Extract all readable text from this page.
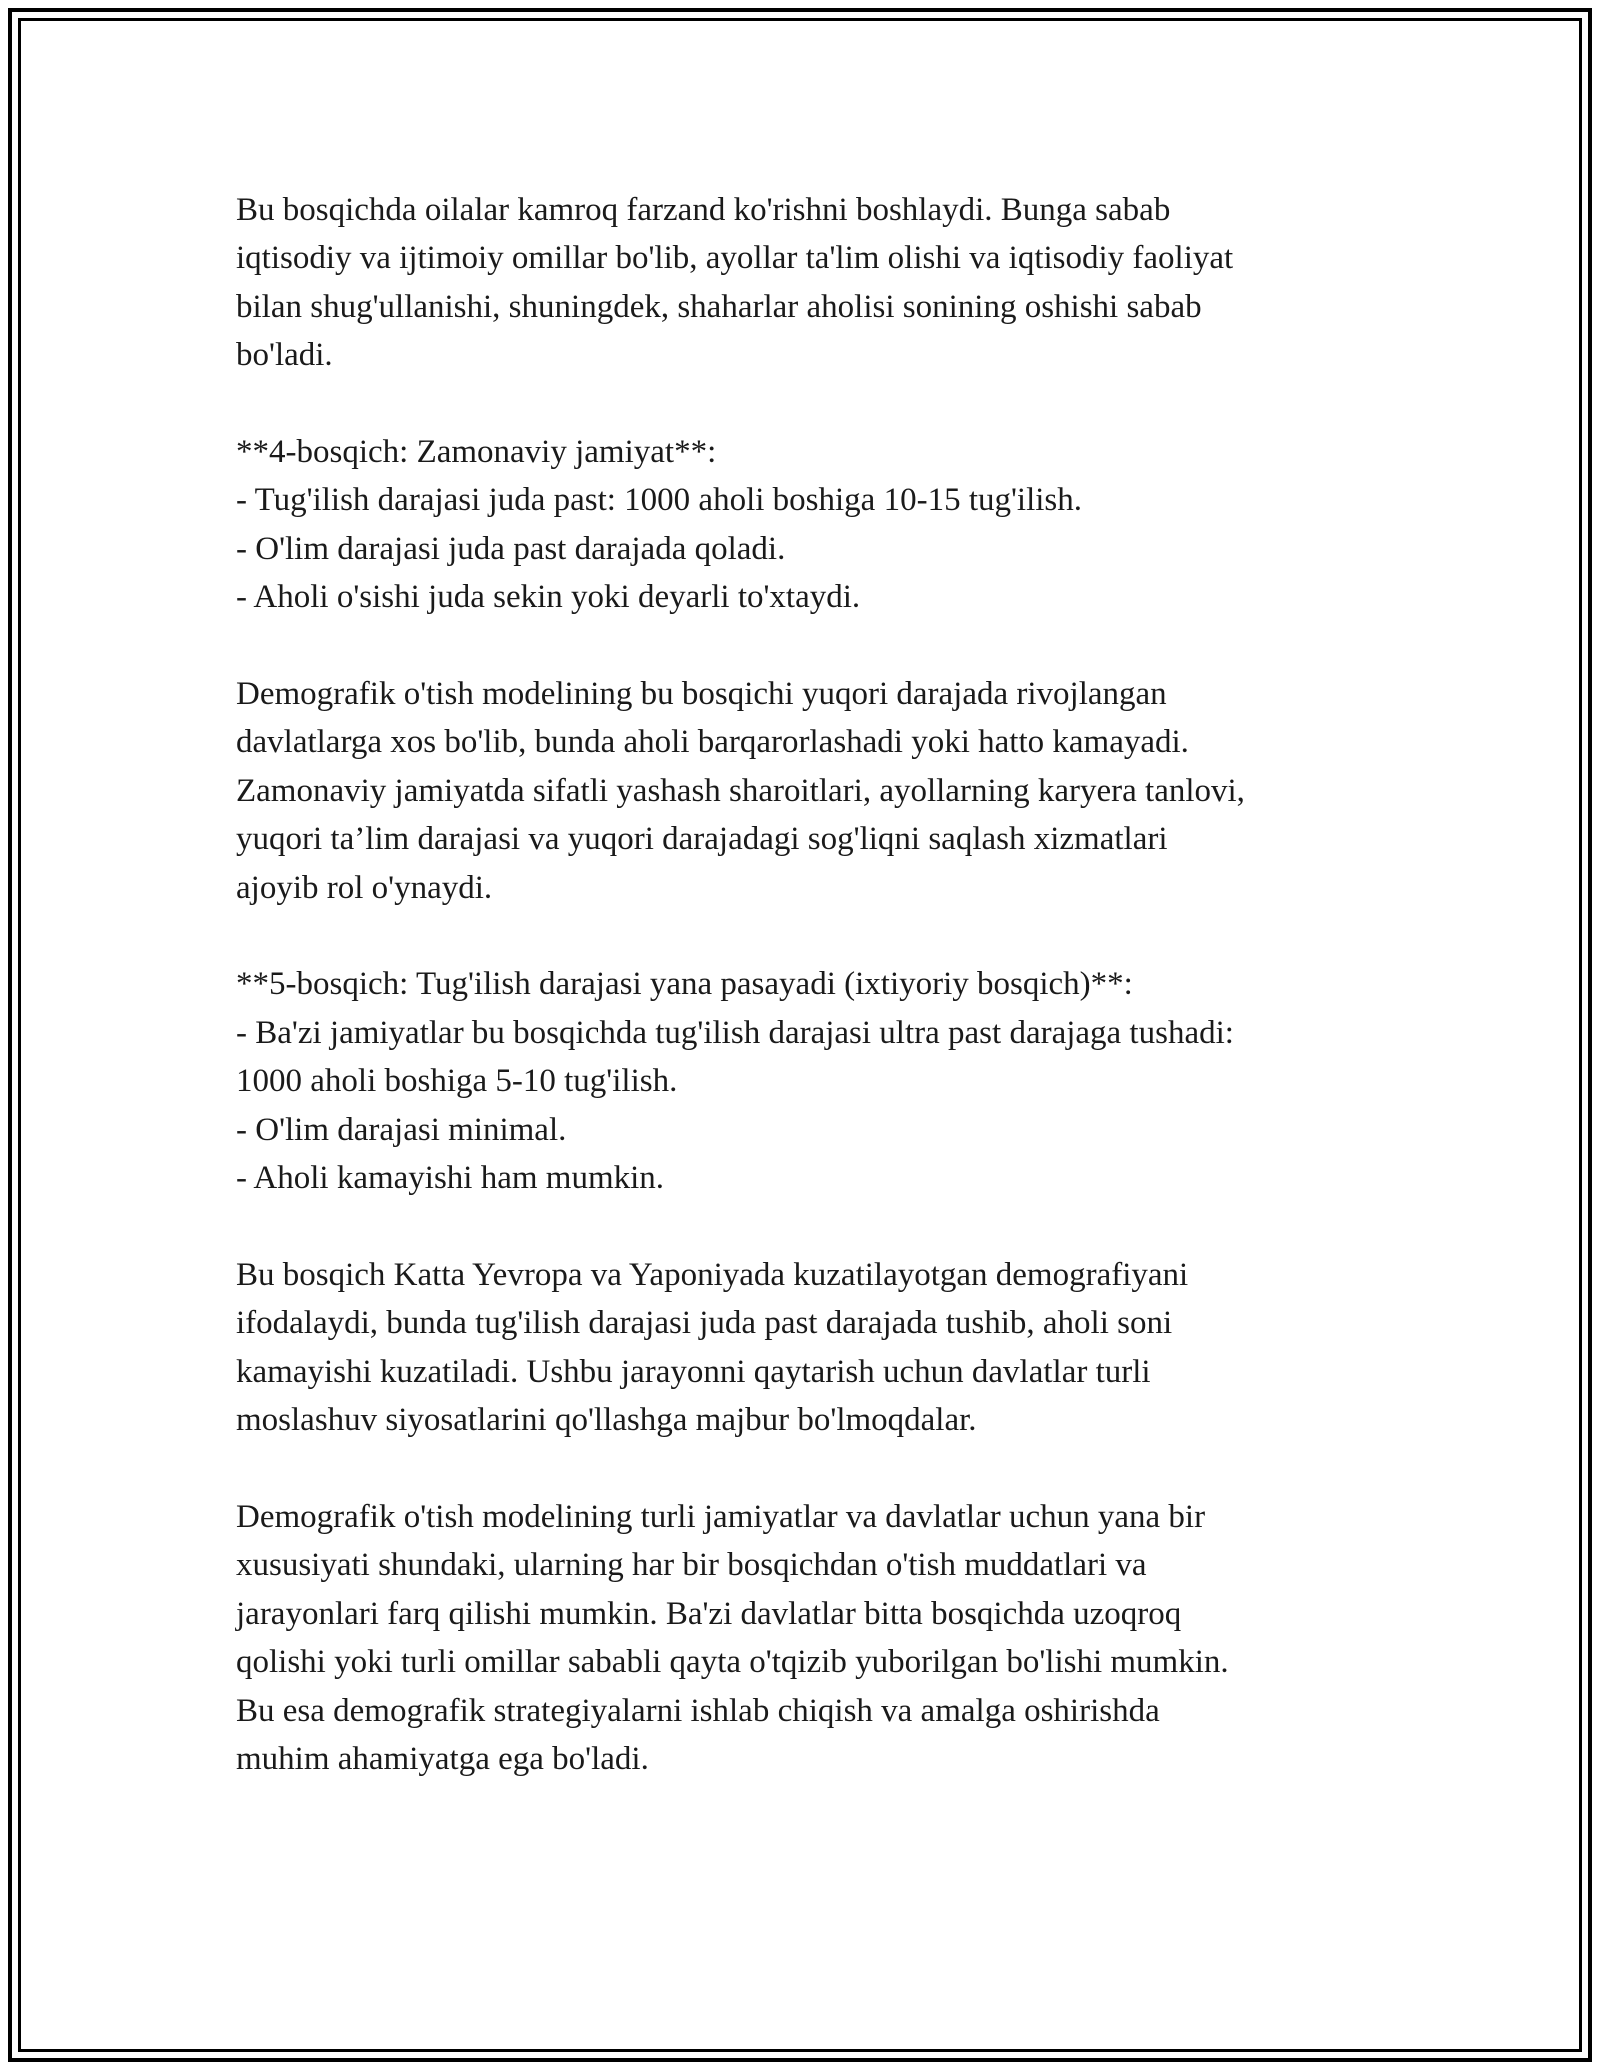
Bu bosqichda oilalar kamroq farzand ko'rishni boshlaydi. Bunga sabab
iqtisodiy va ijtimoiy omillar bo'lib, ayollar ta'lim olishi va iqtisodiy faoliyat
bilan shug'ullanishi, shuningdek, shaharlar aholisi sonining oshishi sabab
bo'ladi.

**4-bosqich: Zamonaviy jamiyat**:
- Tug'ilish darajasi juda past: 1000 aholi boshiga 10-15 tug'ilish.
- O'lim darajasi juda past darajada qoladi.
- Aholi o'sishi juda sekin yoki deyarli to'xtaydi.

Demografik o'tish modelining bu bosqichi yuqori darajada rivojlangan
davlatlarga xos bo'lib, bunda aholi barqarorlashadi yoki hatto kamayadi.
Zamonaviy jamiyatda sifatli yashash sharoitlari, ayollarning karyera tanlovi,
yuqori ta’lim darajasi va yuqori darajadagi sog'liqni saqlash xizmatlari
ajoyib rol o'ynaydi.

**5-bosqich: Tug'ilish darajasi yana pasayadi (ixtiyoriy bosqich)**:
- Ba'zi jamiyatlar bu bosqichda tug'ilish darajasi ultra past darajaga tushadi:
1000 aholi boshiga 5-10 tug'ilish.
- O'lim darajasi minimal.
- Aholi kamayishi ham mumkin.

Bu bosqich Katta Yevropa va Yaponiyada kuzatilayotgan demografiyani
ifodalaydi, bunda tug'ilish darajasi juda past darajada tushib, aholi soni
kamayishi kuzatiladi. Ushbu jarayonni qaytarish uchun davlatlar turli
moslashuv siyosatlarini qo'llashga majbur bo'lmoqdalar.

Demografik o'tish modelining turli jamiyatlar va davlatlar uchun yana bir
xususiyati shundaki, ularning har bir bosqichdan o'tish muddatlari va
jarayonlari farq qilishi mumkin. Ba'zi davlatlar bitta bosqichda uzoqroq
qolishi yoki turli omillar sababli qayta o'tqizib yuborilgan bo'lishi mumkin.
Bu esa demografik strategiyalarni ishlab chiqish va amalga oshirishda
muhim ahamiyatga ega bo'ladi.
